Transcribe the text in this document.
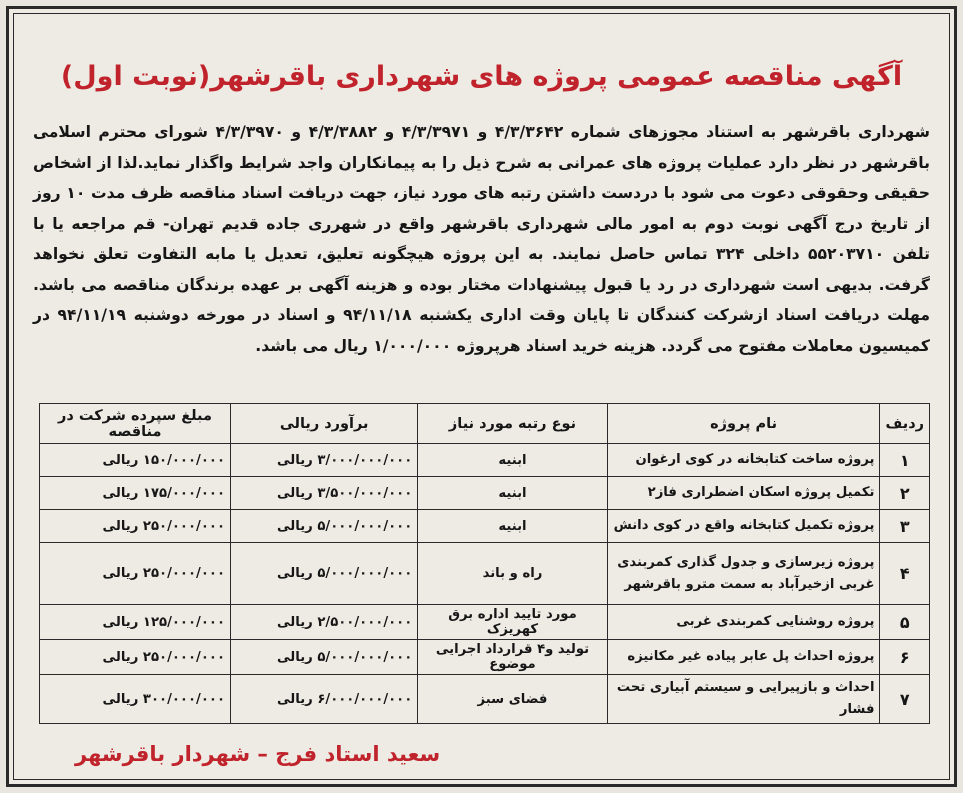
آگهی مناقصه عمومی پروژه های شهرداری باقرشهر(نوبت اول)
شهرداری باقرشهر به استناد مجوزهای شماره ۴/۳/۳۶۴۲ و ۴/۳/۳۹۷۱ و ۴/۳/۳۸۸۲ و ۴/۳/۳۹۷۰ شورای محترم اسلامی باقرشهر در نظر دارد عملیات پروژه های عمرانی به شرح ذیل را به پیمانکاران واجد شرایط واگذار نماید.لذا از اشخاص حقیقی وحقوقی دعوت می شود با دردست داشتن رتبه های مورد نیاز، جهت دریافت اسناد مناقصه ظرف مدت ۱۰ روز از تاریخ درج آگهی نوبت دوم به امور مالی شهرداری باقرشهر واقع در شهرری جاده قدیم تهران- قم مراجعه یا با تلفن ۵۵۲۰۳۷۱۰ داخلی ۳۲۴ تماس حاصل نمایند. به این پروژه هیچگونه تعلیق، تعدیل یا مابه التفاوت تعلق نخواهد گرفت. بدیهی است شهرداری در رد یا قبول پیشنهادات مختار بوده و هزینه آگهی بر عهده برندگان مناقصه می باشد. مهلت دریافت اسناد ازشرکت کنندگان تا پایان وقت اداری یکشنبه ۹۴/۱۱/۱۸ و اسناد در مورخه دوشنبه ۹۴/۱۱/۱۹ در کمیسیون معاملات مفتوح می گردد. هزینه خرید اسناد هرپروژه ۱/۰۰۰/۰۰۰ ریال می باشد.
ردیف	نام پروژه	نوع رتبه مورد نیاز	برآورد ریالی	مبلغ سپرده شرکت در مناقصه
۱	پروژه ساخت کتابخانه در کوی ارغوان	ابنیه	۳/۰۰۰/۰۰۰/۰۰۰ ریالی	۱۵۰/۰۰۰/۰۰۰ ریالی
۲	تکمیل پروژه اسکان اضطراری فاز۲	ابنیه	۳/۵۰۰/۰۰۰/۰۰۰ ریالی	۱۷۵/۰۰۰/۰۰۰ ریالی
۳	پروژه تکمیل کتابخانه واقع در کوی دانش	ابنیه	۵/۰۰۰/۰۰۰/۰۰۰ ریالی	۲۵۰/۰۰۰/۰۰۰ ریالی
۴	پروژه زیرسازی و جدول گذاری کمربندی غربی ازخیرآباد به سمت مترو باقرشهر	راه و باند	۵/۰۰۰/۰۰۰/۰۰۰ ریالی	۲۵۰/۰۰۰/۰۰۰ ریالی
۵	پروژه روشنایی کمربندی غربی	مورد تایید اداره برق کهریزک	۲/۵۰۰/۰۰۰/۰۰۰ ریالی	۱۲۵/۰۰۰/۰۰۰ ریالی
۶	پروژه احداث پل عابر پیاده غیر مکانیزه	تولید و۴ قرارداد اجرایی موضوع	۵/۰۰۰/۰۰۰/۰۰۰ ریالی	۲۵۰/۰۰۰/۰۰۰ ریالی
۷	احداث و بازپیرایی و سیستم آبیاری تحت فشار	فضای سبز	۶/۰۰۰/۰۰۰/۰۰۰ ریالی	۳۰۰/۰۰۰/۰۰۰ ریالی
سعید استاد فرج – شهردار باقرشهر
